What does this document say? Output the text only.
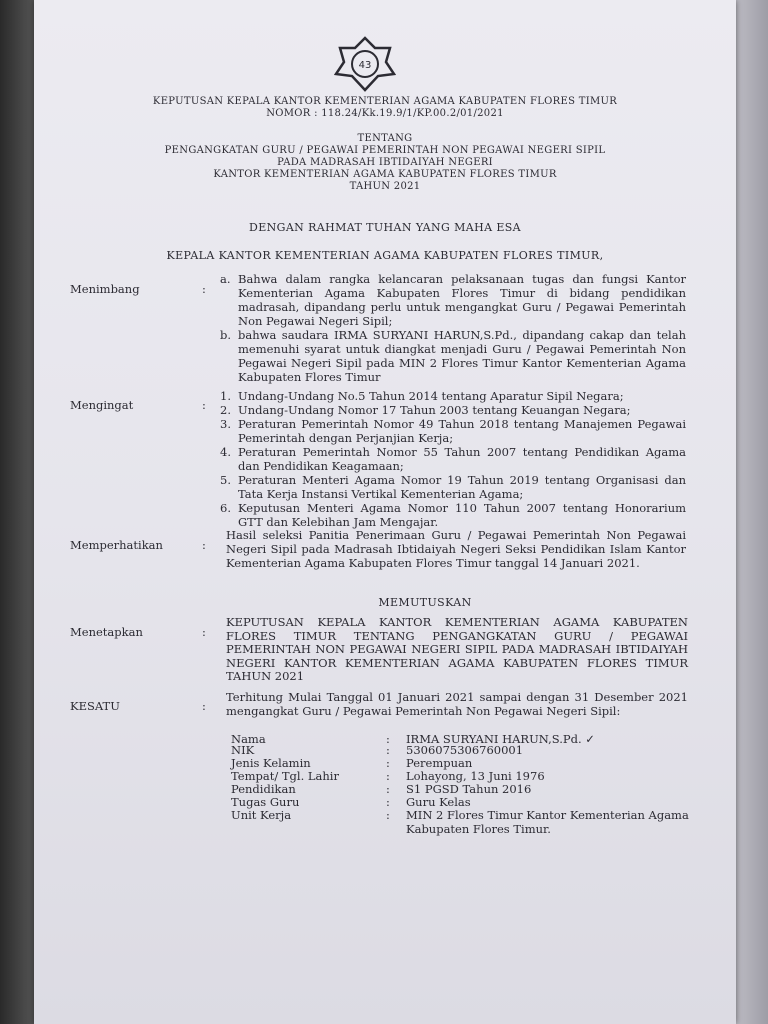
43
KEPUTUSAN KEPALA KANTOR KEMENTERIAN AGAMA KABUPATEN FLORES TIMUR
NOMOR : 118.24/Kk.19.9/1/KP.00.2/01/2021
TENTANG
PENGANGKATAN GURU / PEGAWAI PEMERINTAH NON PEGAWAI NEGERI SIPIL
PADA MADRASAH IBTIDAIYAH NEGERI
KANTOR KEMENTERIAN AGAMA KABUPATEN FLORES TIMUR
TAHUN 2021
DENGAN RAHMAT TUHAN YANG MAHA ESA
KEPALA KANTOR KEMENTERIAN AGAMA KABUPATEN FLORES TIMUR,
Menimbang	:
a. Bahwa dalam rangka kelancaran pelaksanaan tugas dan fungsi Kantor Kementerian Agama Kabupaten Flores Timur di bidang pendidikan madrasah, dipandang perlu untuk mengangkat Guru / Pegawai Pemerintah Non Pegawai Negeri Sipil;
b. bahwa saudara IRMA SURYANI HARUN,S.Pd., dipandang cakap dan telah memenuhi syarat untuk diangkat menjadi Guru / Pegawai Pemerintah Non Pegawai Negeri Sipil pada MIN 2 Flores Timur Kantor Kementerian Agama Kabupaten Flores Timur
Mengingat	:
1. Undang-Undang No.5 Tahun 2014 tentang Aparatur Sipil Negara;
2. Undang-Undang Nomor 17 Tahun 2003 tentang Keuangan Negara;
3. Peraturan Pemerintah Nomor 49 Tahun 2018 tentang Manajemen Pegawai Pemerintah dengan Perjanjian Kerja;
4. Peraturan Pemerintah Nomor 55 Tahun 2007 tentang Pendidikan Agama dan Pendidikan Keagamaan;
5. Peraturan Menteri Agama Nomor 19 Tahun 2019 tentang Organisasi dan Tata Kerja Instansi Vertikal Kementerian Agama;
6. Keputusan Menteri Agama Nomor 110 Tahun 2007 tentang Honorarium GTT dan Kelebihan Jam Mengajar.
Memperhatikan	:
Hasil seleksi Panitia Penerimaan Guru / Pegawai Pemerintah Non Pegawai Negeri Sipil pada Madrasah Ibtidaiyah Negeri Seksi Pendidikan Islam Kantor Kementerian Agama Kabupaten Flores Timur tanggal 14 Januari 2021.
MEMUTUSKAN
Menetapkan	:
KEPUTUSAN KEPALA KANTOR KEMENTERIAN AGAMA KABUPATEN FLORES TIMUR TENTANG PENGANGKATAN GURU / PEGAWAI PEMERINTAH NON PEGAWAI NEGERI SIPIL PADA MADRASAH IBTIDAIYAH NEGERI KANTOR KEMENTERIAN AGAMA KABUPATEN FLORES TIMUR TAHUN 2021
KESATU	:
Terhitung Mulai Tanggal 01 Januari 2021 sampai dengan 31 Desember 2021 mengangkat Guru / Pegawai Pemerintah Non Pegawai Negeri Sipil:
Nama	: IRMA SURYANI HARUN,S.Pd. ✓
NIK	: 5306075306760001
Jenis Kelamin	: Perempuan
Tempat/ Tgl. Lahir	: Lohayong, 13 Juni 1976
Pendidikan	: S1 PGSD Tahun 2016
Tugas Guru	: Guru Kelas
Unit Kerja	: MIN 2 Flores Timur Kantor Kementerian Agama Kabupaten Flores Timur.
